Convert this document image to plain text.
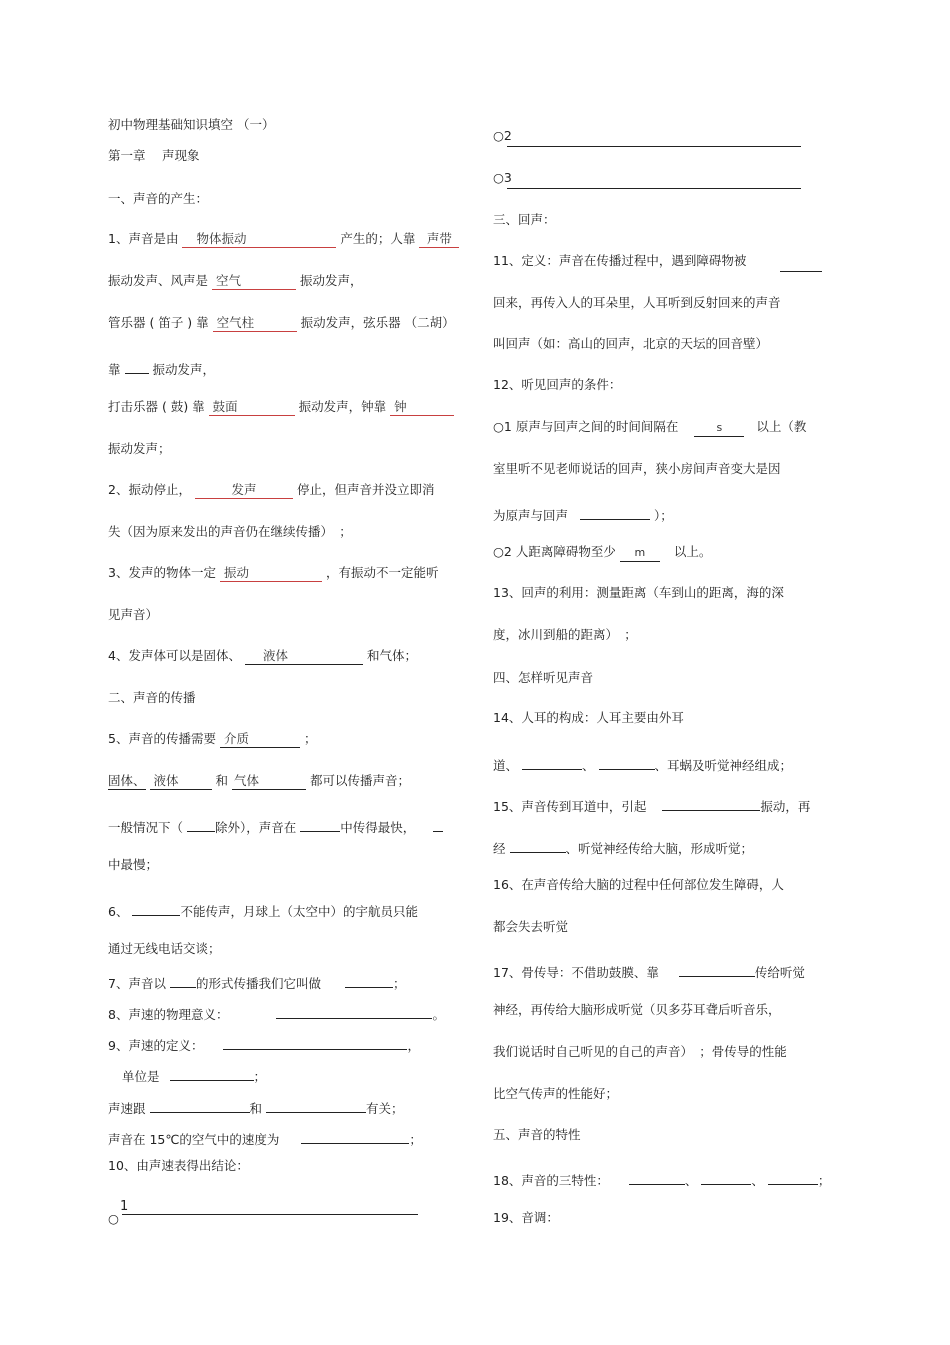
初中物理基础知识填空 （一）
第一章　 声现象
一、声音的产生：
1、声音是由 物体振动	产生的；人靠 声带
振动发声、风声是 空气	振动发声，
管乐器 ( 笛子 ) 靠 空气柱	振动发声，弦乐器 （二胡）
靠	振动发声，
打击乐器 ( 鼓) 靠 鼓面	振动发声，钟靠 钟
振动发声；
2、振动停止，	发声	停止，但声音并没立即消
失（因为原来发出的声音仍在继续传播）　；
3、发声的物体一定 振动	，有振动不一定能听
见声音）
4、发声体可以是固体、 液体	和气体；
二、声音的传播
5、声音的传播需要 介质	；
固体、 液体	和 气体	都可以传播声音；
一般情况下（	除外），声音在	中传得最快，
中最慢；
6、	不能传声，月球上（太空中）的宇航员只能
通过无线电话交谈；
7、声音以 的形式传播我们它叫做	；
8、声速的物理意义：	。
9、声速的定义：	，
单位是	；
声速跟	和	有关；
声音在 15℃的空气中的速度为	；
10、由声速表得出结论：
○
1
○2
○3
三、回声：
11、定义：声音在传播过程中，遇到障碍物被
回来，再传入人的耳朵里，人耳听到反射回来的声音
叫回声（如：高山的回声，北京的天坛的回音壁）
12、听见回声的条件：
○1 原声与回声之间的时间间隔在	s	以上（教
室里听不见老师说话的回声，狭小房间声音变大是因
为原声与回声	）；
○2 人距离障碍物至少 m 以上。
13、回声的利用：测量距离（车到山的距离，海的深
度，冰川到船的距离）　；
四、怎样听见声音
14、人耳的构成：人耳主要由外耳
道、	、	、耳蜗及听觉神经组成；
15、声音传到耳道中，引起	振动，再
经	、听觉神经传给大脑，形成听觉；
16、在声音传给大脑的过程中任何部位发生障碍，人
都会失去听觉
17、骨传导：不借助鼓膜、靠	传给听觉
神经，再传给大脑形成听觉（贝多芬耳聋后听音乐，
我们说话时自己听见的自己的声音）　；骨传导的性能
比空气传声的性能好；
五、声音的特性
18、声音的三特性：	、	、	；
19、音调：
